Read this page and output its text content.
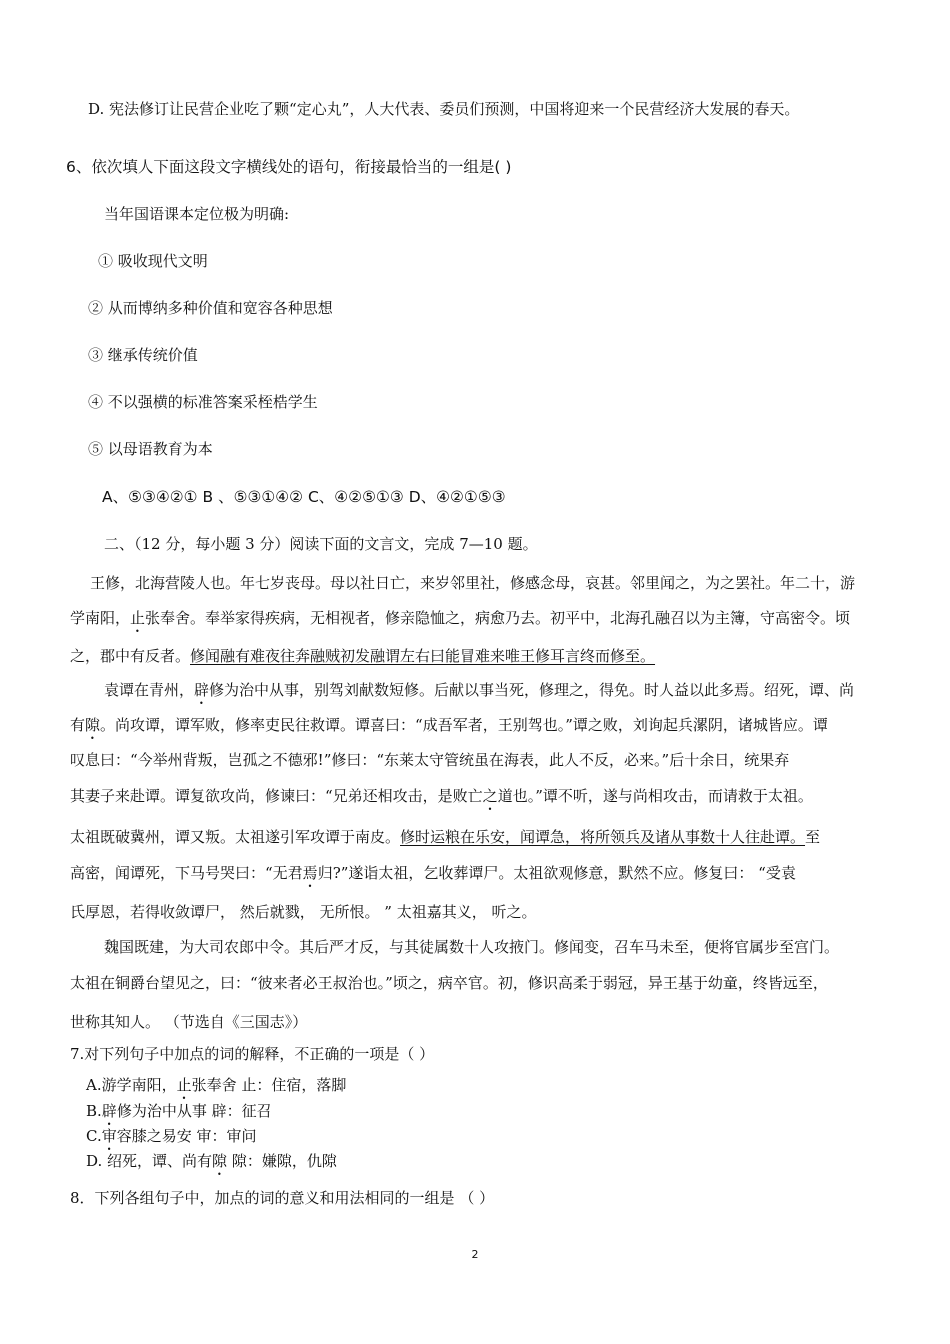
D. 宪法修订让民营企业吃了颗“定心丸”，人大代表、委员们预测，中国将迎来一个民营经济大发展的春天。
6、依次填人下面这段文字横线处的语句，衔接最恰当的一组是( )
当年国语课本定位极为明确:
① 吸收现代文明
② 从而博纳多种价值和宽容各种思想
③ 继承传统价值
④ 不以强横的标准答案采桎梏学生
⑤ 以母语教育为本
A、⑤③④②① B 、⑤③①④② C、④②⑤①③ D、④②①⑤③
二、（12 分，每小题 3 分）阅读下面的文言文，完成 7—10 题。
王修，北海营陵人也。年七岁丧母。母以社日亡，来岁邻里社，修感念母，哀甚。邻里闻之，为之罢社。年二十，游
学南阳，止张奉舍。奉举家得疾病，无相视者，修亲隐恤之，病愈乃去。初平中，北海孔融召以为主簿，守高密令。顷
之，郡中有反者。修闻融有难夜往奔融贼初发融谓左右曰能冒难来唯王修耳言终而修至。
袁谭在青州，辟修为治中从事，别驾刘献数短修。后献以事当死，修理之，得免。时人益以此多焉。绍死，谭、尚
有隙。尚攻谭，谭军败，修率吏民往救谭。谭喜曰：“成吾军者，王别驾也。”谭之败，刘询起兵漯阴，诸城皆应。谭
叹息曰：“今举州背叛，岂孤之不德邪!”修曰：“东莱太守管统虽在海表，此人不反，必来。”后十余日，统果弃
其妻子来赴谭。谭复欲攻尚，修谏曰：“兄弟还相攻击，是败亡之道也。”谭不听，遂与尚相攻击，而请救于太祖。
太祖既破冀州，谭又叛。太祖遂引军攻谭于南皮。修时运粮在乐安，闻谭急，将所领兵及诸从事数十人往赴谭。至
高密，闻谭死，下马号哭曰：“无君焉归?”遂诣太祖，乞收葬谭尸。太祖欲观修意，默然不应。修复曰： “受袁
氏厚恩，若得收敛谭尸， 然后就戮， 无所恨。 ” 太祖嘉其义， 听之。
魏国既建，为大司农郎中令。其后严才反，与其徒属数十人攻掖门。修闻变，召车马未至，便将官属步至宫门。
太祖在铜爵台望见之，曰：“彼来者必王叔治也。”顷之，病卒官。初，修识高柔于弱冠，异王基于幼童，终皆远至，
世称其知人。 （节选自《三国志》）
7.对下列句子中加点的词的解释，不正确的一项是（ ）
A.游学南阳，止张奉舍 止：住宿，落脚
B.辟修为治中从事 辟：征召
C.审容膝之易安 审：审问
D. 绍死，谭、尚有隙 隙：嫌隙，仇隙
8．下列各组句子中，加点的词的意义和用法相同的一组是 （ ）
2
